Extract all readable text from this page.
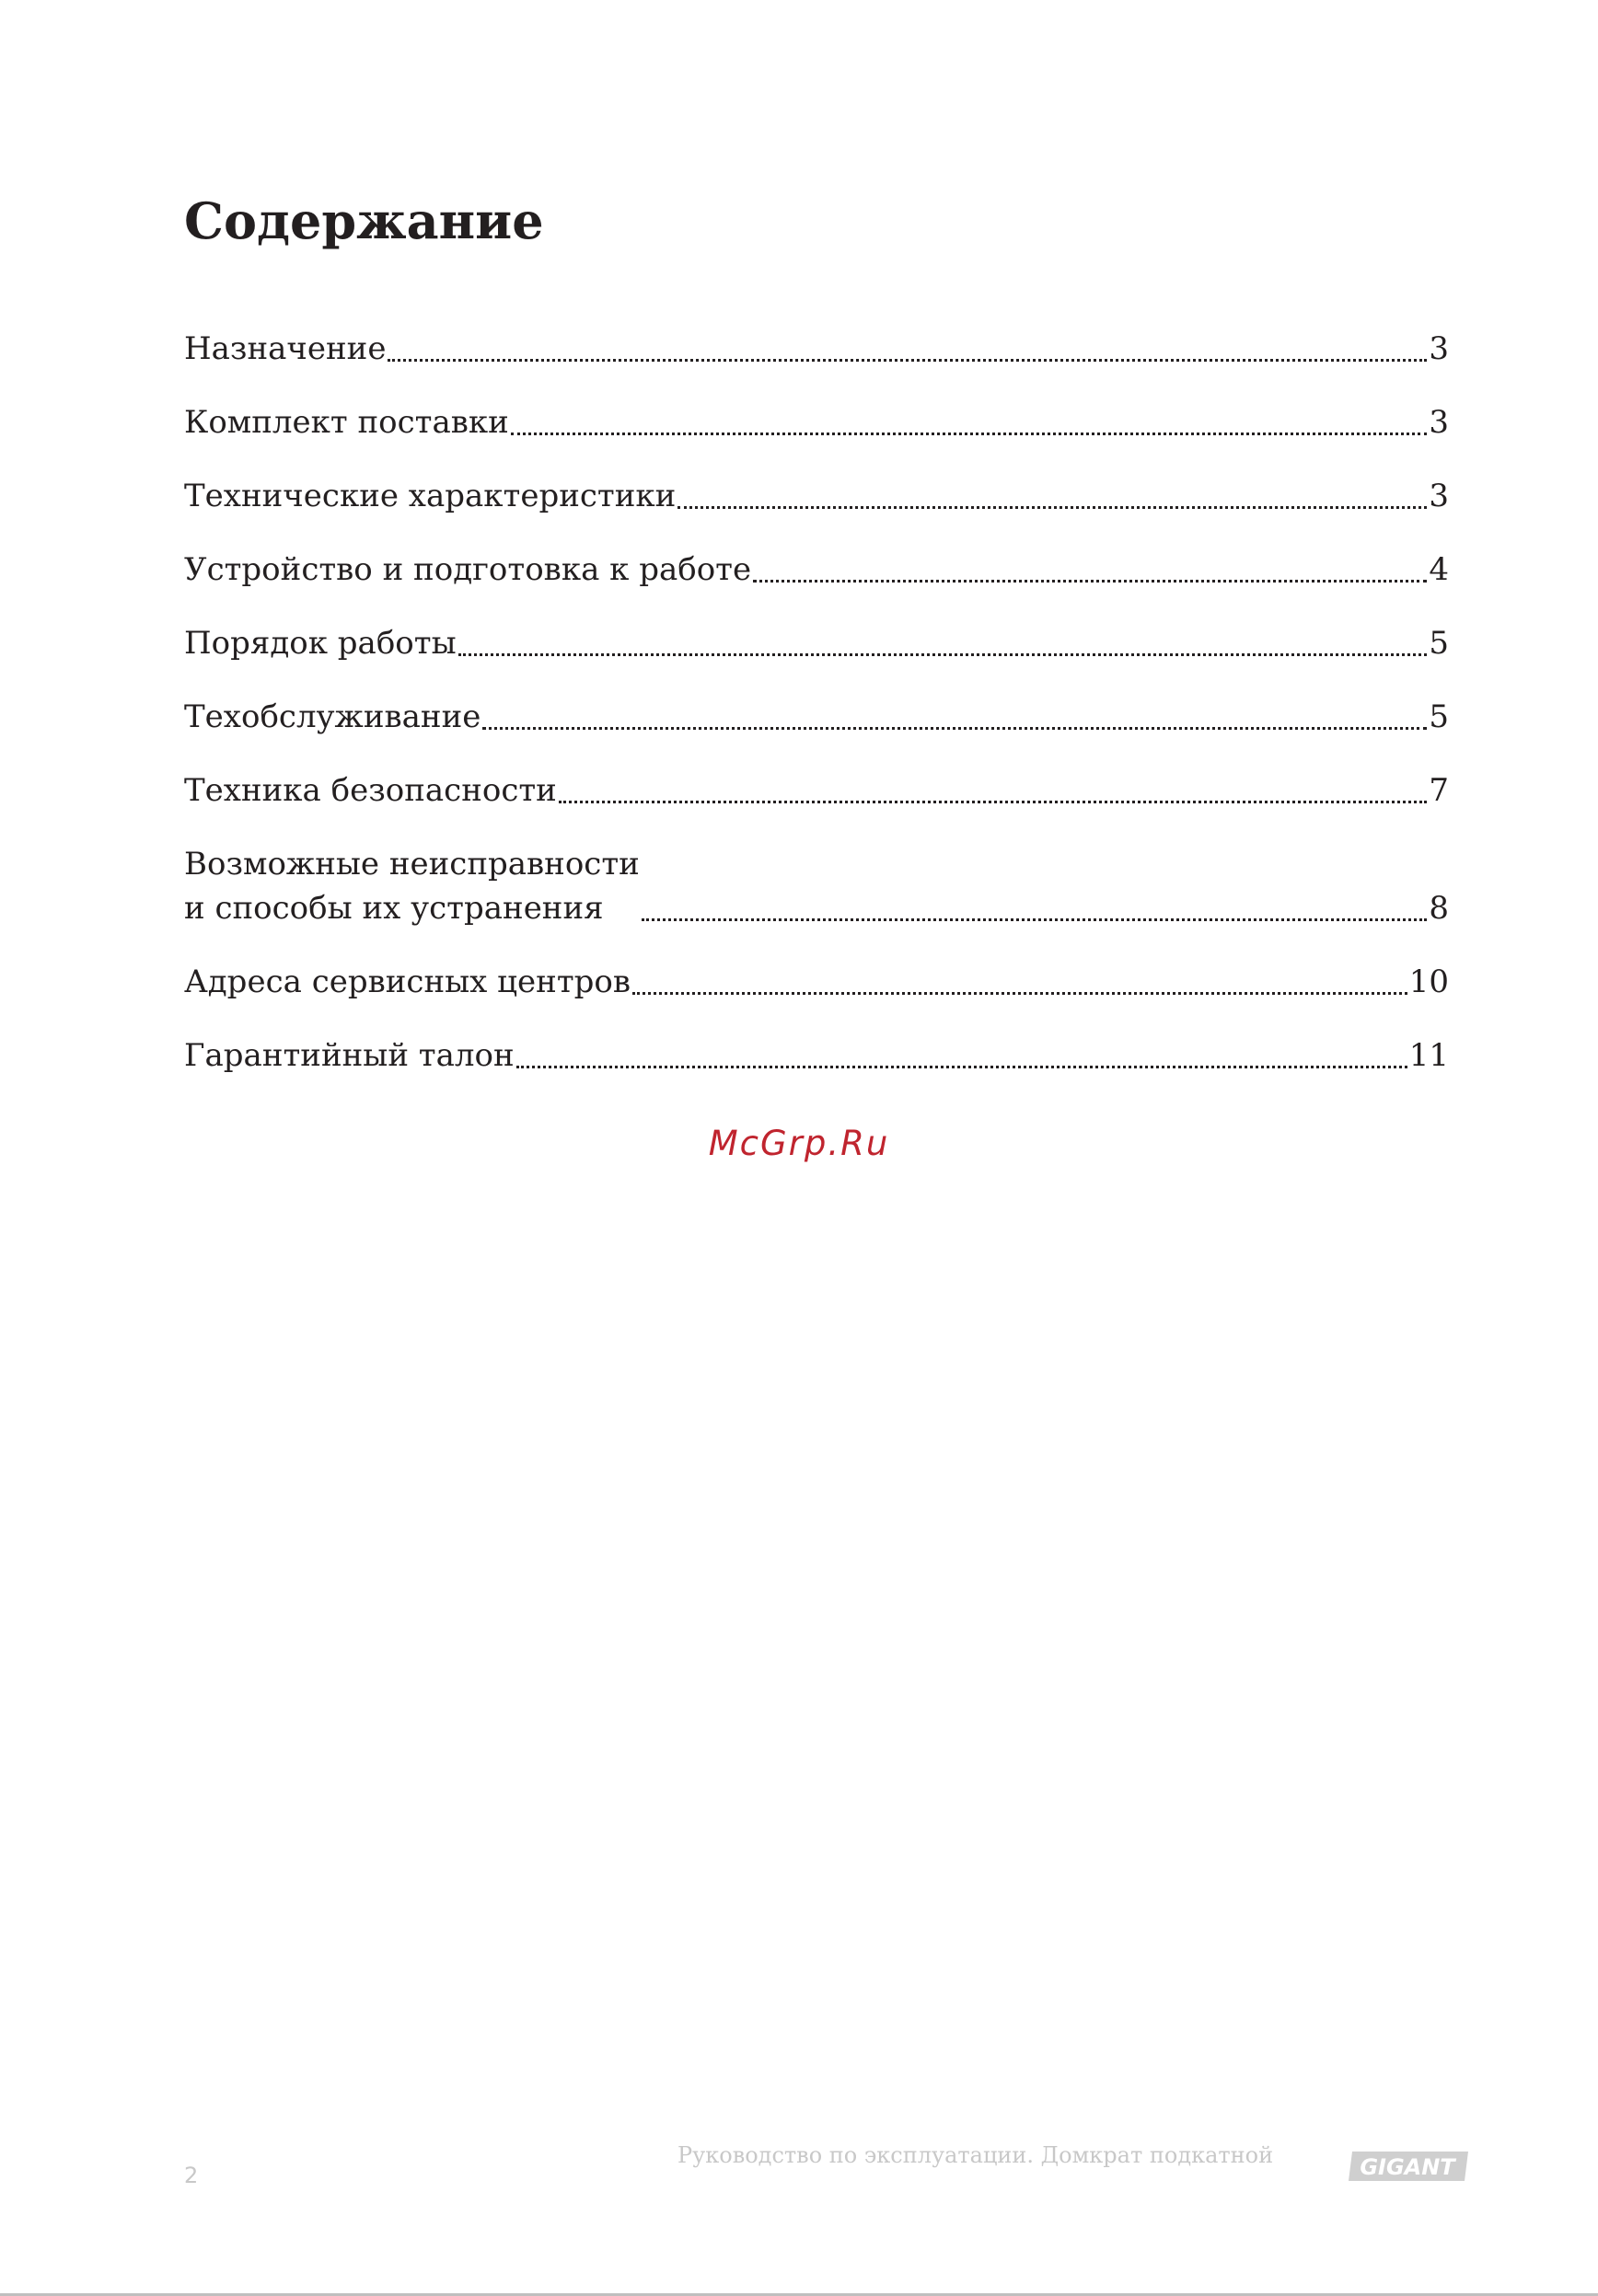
Содержание
Назначение	3
Комплект поставки	3
Технические характеристики	3
Устройство и подготовка к работе	4
Порядок работы	5
Техобслуживание	5
Техника безопасности	7
Возможные неисправности
и способы их устранения	8
Адреса сервисных центров	10
Гарантийный талон	11
McGrp.Ru
2
Руководство по эксплуатации. Домкрат подкатной	GIGANT
